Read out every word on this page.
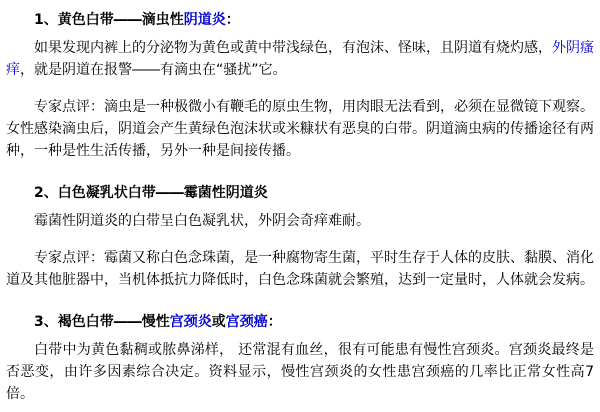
1、黄色白带――滴虫性阴道炎：

如果发现内裤上的分泌物为黄色或黄中带浅绿色，有泡沫、怪味，且阴道有烧灼感，外阴瘙痒，就是阴道在报警――有滴虫在“骚扰”它。

专家点评：滴虫是一种极微小有鞭毛的原虫生物，用肉眼无法看到，必须在显微镜下观察。女性感染滴虫后，阴道会产生黄绿色泡沫状或米糠状有恶臭的白带。阴道滴虫病的传播途径有两种，一种是性生活传播，另外一种是间接传播。

2、白色凝乳状白带――霉菌性阴道炎

霉菌性阴道炎的白带呈白色凝乳状，外阴会奇痒难耐。

专家点评：霉菌又称白色念珠菌，是一种腐物寄生菌，平时生存于人体的皮肤、黏膜、消化道及其他脏器中，当机体抵抗力降低时，白色念珠菌就会繁殖，达到一定量时，人体就会发病。

3、褐色白带――慢性宫颈炎或宫颈癌：

白带中为黄色黏稠或脓鼻涕样， 还常混有血丝，很有可能患有慢性宫颈炎。宫颈炎最终是否恶变，由许多因素综合决定。资料显示，慢性宫颈炎的女性患宫颈癌的几率比正常女性高7倍。
